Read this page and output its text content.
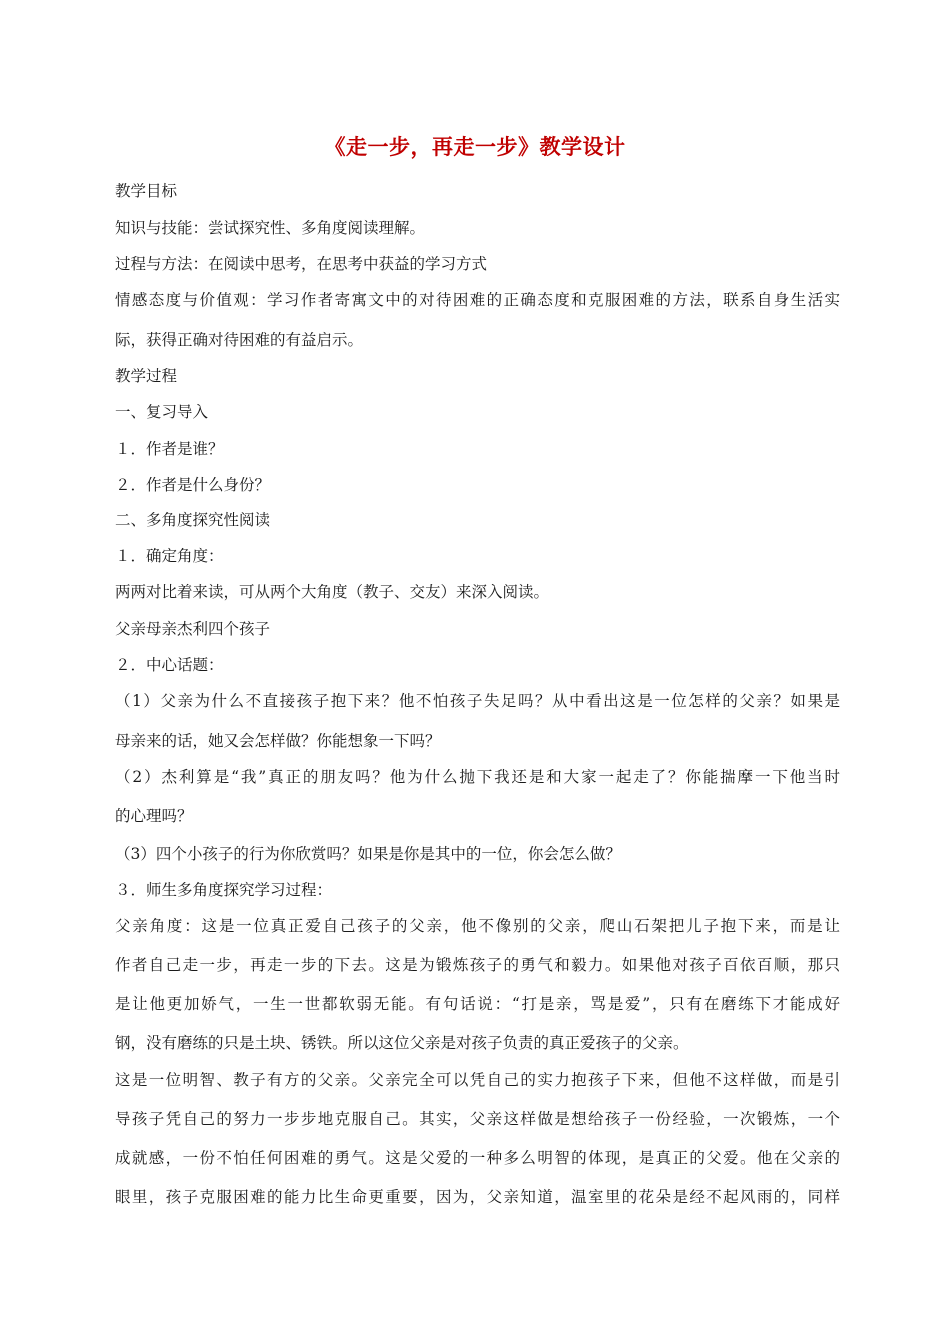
《走一步，再走一步》教学设计
教学目标
知识与技能：尝试探究性、多角度阅读理解。
过程与方法：在阅读中思考，在思考中获益的学习方式
情感态度与价值观：学习作者寄寓文中的对待困难的正确态度和克服困难的方法，联系自身生活实
际，获得正确对待困难的有益启示。
教学过程
一、复习导入
１．作者是谁？
２．作者是什么身份？
二、多角度探究性阅读
１．确定角度：
两两对比着来读，可从两个大角度（教子、交友）来深入阅读。
父亲母亲杰利四个孩子
２．中心话题：
（1）父亲为什么不直接孩子抱下来？他不怕孩子失足吗？从中看出这是一位怎样的父亲？如果是
母亲来的话，她又会怎样做？你能想象一下吗？
（2）杰利算是“我”真正的朋友吗？他为什么抛下我还是和大家一起走了？你能揣摩一下他当时
的心理吗？
（3）四个小孩子的行为你欣赏吗？如果是你是其中的一位，你会怎么做？
３．师生多角度探究学习过程：
父亲角度：这是一位真正爱自己孩子的父亲，他不像别的父亲，爬山石架把儿子抱下来，而是让
作者自己走一步，再走一步的下去。这是为锻炼孩子的勇气和毅力。如果他对孩子百依百顺，那只
是让他更加娇气，一生一世都软弱无能。有句话说：“打是亲，骂是爱”，只有在磨练下才能成好
钢，没有磨练的只是土块、锈铁。所以这位父亲是对孩子负责的真正爱孩子的父亲。
这是一位明智、教子有方的父亲。父亲完全可以凭自己的实力抱孩子下来，但他不这样做，而是引
导孩子凭自己的努力一步步地克服自己。其实，父亲这样做是想给孩子一份经验，一次锻炼，一个
成就感，一份不怕任何困难的勇气。这是父爱的一种多么明智的体现，是真正的父爱。他在父亲的
眼里，孩子克服困难的能力比生命更重要，因为，父亲知道，温室里的花朵是经不起风雨的，同样
